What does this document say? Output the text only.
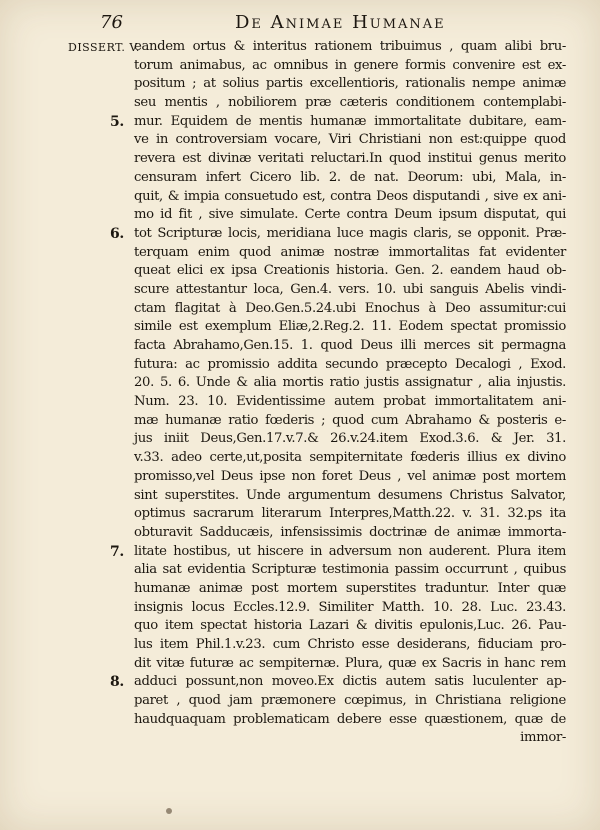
76	De Animae Humanae
DISSERT. V.
eandem ortus & interitus rationem tribuimus , quam alibi bru-
torum animabus, ac omnibus in genere formis convenire est ex-
positum ; at solius partis excellentioris, rationalis nempe animæ
seu mentis , nobiliorem præ cæteris conditionem contemplabi-
5. mur. Equidem de mentis humanæ immortalitate dubitare, eam-
ve in controversiam vocare, Viri Christiani non est:quippe quod
revera est divinæ veritati reluctari.In quod institui genus merito
censuram infert Cicero lib. 2. de nat. Deorum: ubi, Mala, in-
quit, & impia consuetudo est, contra Deos disputandi , sive ex ani-
mo id fit , sive simulate. Certe contra Deum ipsum disputat, qui
6. tot Scripturæ locis, meridiana luce magis claris, se opponit. Præ-
terquam enim quod animæ nostræ immortalitas fat evidenter
queat elici ex ipsa Creationis historia. Gen. 2. eandem haud ob-
scure attestantur loca, Gen.4. vers. 10. ubi sanguis Abelis vindi-
ctam flagitat à Deo.Gen.5.24.ubi Enochus à Deo assumitur:cui
simile est exemplum Eliæ,2.Reg.2. 11. Eodem spectat promissio
facta Abrahamo,Gen.15. 1. quod Deus illi merces sit permagna
futura: ac promissio addita secundo præcepto Decalogi , Exod.
20. 5. 6. Unde & alia mortis ratio justis assignatur , alia injustis.
Num. 23. 10. Evidentissime autem probat immortalitatem ani-
mæ humanæ ratio fœderis ; quod cum Abrahamo & posteris e-
jus iniit Deus,Gen.17.v.7.& 26.v.24.item Exod.3.6. & Jer. 31.
v.33. adeo certe,ut,posita sempiternitate fœderis illius ex divino
promisso,vel Deus ipse non foret Deus , vel animæ post mortem
sint superstites. Unde argumentum desumens Christus Salvator,
optimus sacrarum literarum Interpres,Matth.22. v. 31. 32.ps ita
obturavit Sadducæis, infensissimis doctrinæ de animæ immorta-
7. litate hostibus, ut hiscere in adversum non auderent. Plura item
alia sat evidentia Scripturæ testimonia passim occurrunt , quibus
humanæ animæ post mortem superstites traduntur. Inter quæ
insignis locus Eccles.12.9. Similiter Matth. 10. 28. Luc. 23.43.
quo item spectat historia Lazari & divitis epulonis,Luc. 26. Pau-
lus item Phil.1.v.23. cum Christo esse desiderans, fiduciam pro-
dit vitæ futuræ ac sempiternæ. Plura, quæ ex Sacris in hanc rem
8. adduci possunt,non moveo.Ex dictis autem satis luculenter ap-
paret , quod jam præmonere cœpimus, in Christiana religione
haudquaquam problematicam debere esse quæstionem, quæ de
immor-
